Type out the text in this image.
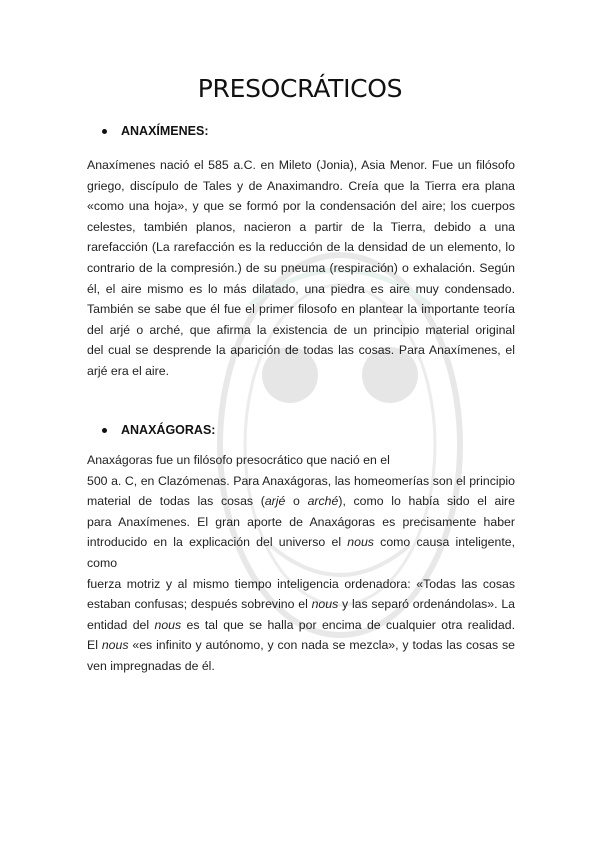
PRESOCRÁTICOS
ANAXÍMENES:
Anaxímenes nació el 585 a.C. en Mileto (Jonia), Asia Menor. Fue un filósofo
griego, discípulo de Tales y de Anaximandro. Creía que la Tierra era plana
«como una hoja», y que se formó por la condensación del aire; los cuerpos
celestes, también planos, nacieron a partir de la Tierra, debido a una
rarefacción (La rarefacción es la reducción de la densidad de un elemento, lo
contrario de la compresión.) de su pneuma (respiración) o exhalación. Según
él, el aire mismo es lo más dilatado, una piedra es aire muy condensado.
También se sabe que él fue el primer filosofo en plantear la importante teoría
del arjé o arché, que afirma la existencia de un principio material original
del cual se desprende la aparición de todas las cosas. Para Anaxímenes, el
arjé era el aire.
ANAXÁGORAS:
Anaxágoras fue un filósofo presocrático que nació en el
500 a. C, en Clazómenas. Para Anaxágoras, las homeomerías son el principio
material de todas las cosas (arjé o arché), como lo había sido el aire
para Anaxímenes. El gran aporte de Anaxágoras es precisamente haber
introducido en la explicación del universo el nous como causa inteligente, como
fuerza motriz y al mismo tiempo inteligencia ordenadora: «Todas las cosas
estaban confusas; después sobrevino el nous y las separó ordenándolas». La
entidad del nous es tal que se halla por encima de cualquier otra realidad.
El nous «es infinito y autónomo, y con nada se mezcla», y todas las cosas se
ven impregnadas de él.
